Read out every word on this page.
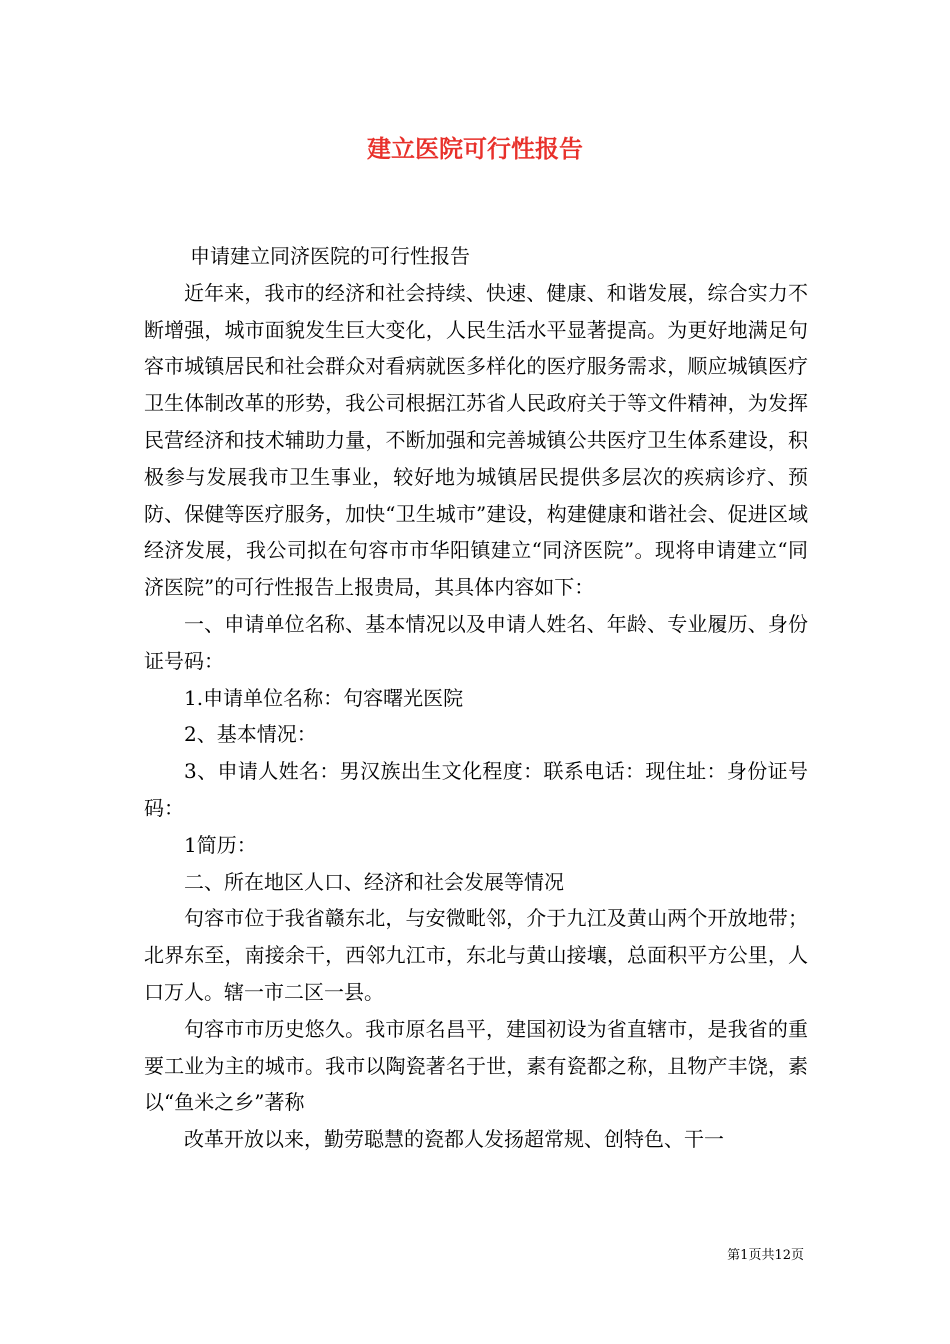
建立医院可行性报告

申请建立同济医院的可行性报告

近年来，我市的经济和社会持续、快速、健康、和谐发展，综合实力不断增强，城市面貌发生巨大变化，人民生活水平显著提高。为更好地满足句容市城镇居民和社会群众对看病就医多样化的医疗服务需求，顺应城镇医疗卫生体制改革的形势，我公司根据江苏省人民政府关于等文件精神，为发挥民营经济和技术辅助力量，不断加强和完善城镇公共医疗卫生体系建设，积极参与发展我市卫生事业，较好地为城镇居民提供多层次的疾病诊疗、预防、保健等医疗服务，加快“卫生城市”建设，构建健康和谐社会、促进区域经济发展，我公司拟在句容市市华阳镇建立“同济医院”。现将申请建立“同济医院”的可行性报告上报贵局，其具体内容如下：

一、申请单位名称、基本情况以及申请人姓名、年龄、专业履历、身份证号码：

1.申请单位名称：句容曙光医院

2、基本情况：

3、申请人姓名：男汉族出生文化程度：联系电话：现住址：身份证号码：

1简历：

二、所在地区人口、经济和社会发展等情况

句容市位于我省赣东北，与安微毗邻，介于九江及黄山两个开放地带；北界东至，南接余干，西邻九江市，东北与黄山接壤，总面积平方公里，人口万人。辖一市二区一县。

句容市市历史悠久。我市原名昌平，建国初设为省直辖市，是我省的重要工业为主的城市。我市以陶瓷著名于世，素有瓷都之称，且物产丰饶，素以“鱼米之乡”著称

改革开放以来，勤劳聪慧的瓷都人发扬超常规、创特色、干一

第1页共12页
